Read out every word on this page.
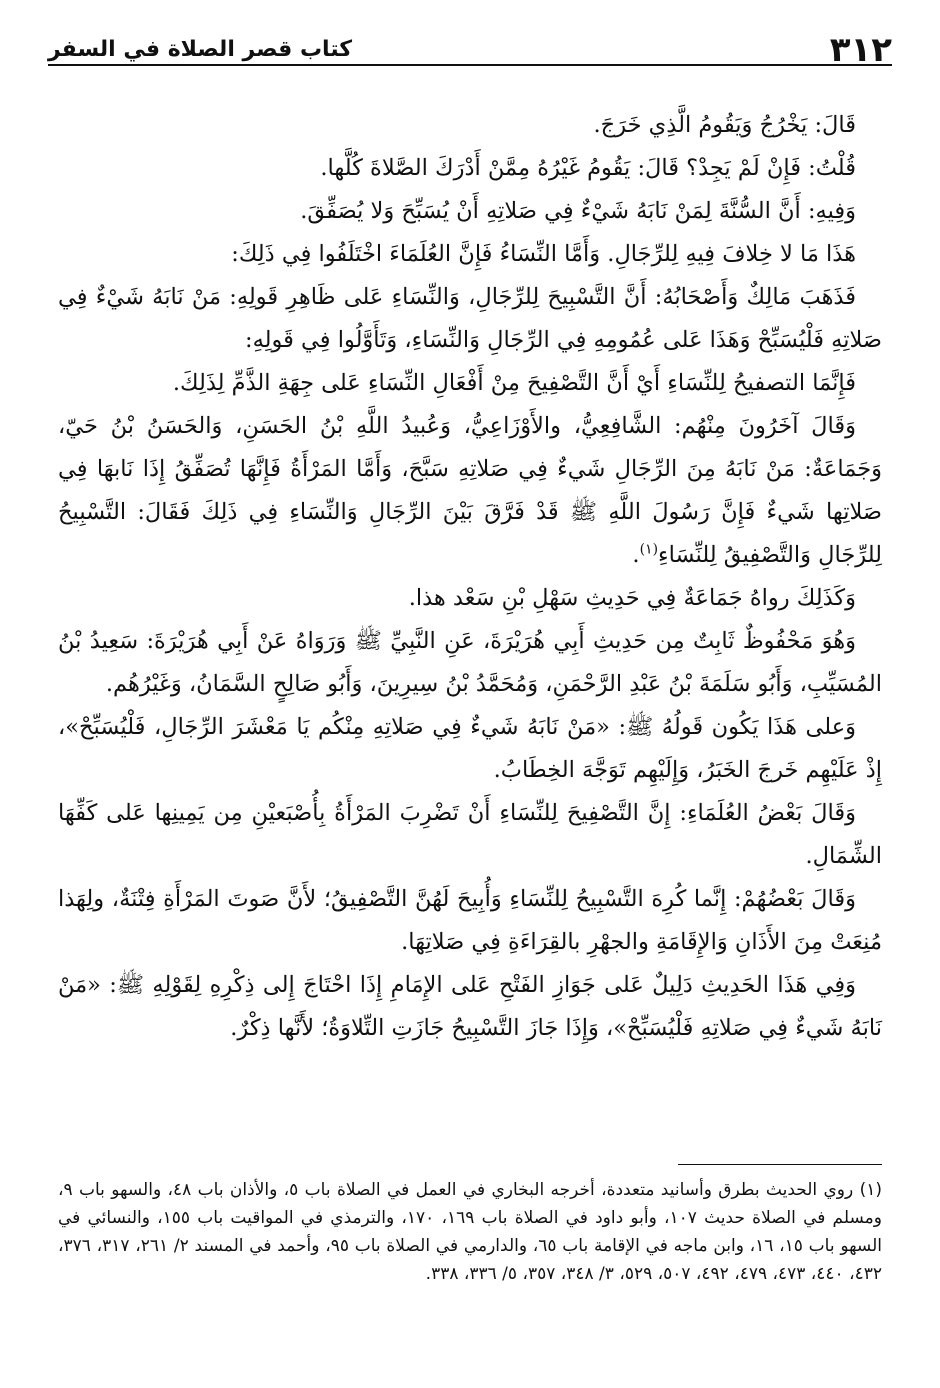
٣١٢
كتاب قصر الصلاة في السفر

قَالَ: يَخْرُجُ وَيَقُومُ الَّذِي خَرَجَ.

قُلْتُ: فَإِنْ لَمْ يَجِدْ؟ قَالَ: يَقُومُ غَيْرُهُ مِمَّنْ أَدْرَكَ الصَّلاةَ كُلَّها.

وَفِيهِ: أَنَّ السُّنَّةَ لِمَنْ نَابَهُ شَيْءٌ فِي صَلاتِهِ أَنْ يُسَبِّحَ وَلا يُصَفِّقَ.

هَذَا مَا لا خِلافَ فِيهِ لِلرِّجَالِ. وَأَمَّا النِّسَاءُ فَإِنَّ العُلَمَاءَ اخْتَلَفُوا فِي ذَلِكَ:

فَذَهَبَ مَالِكٌ وَأَصْحَابُهُ: أَنَّ التَّسْبِيحَ لِلرِّجَالِ، وَالنِّسَاءِ عَلى ظَاهِرِ قَولِهِ: مَنْ نَابَهُ شَيْءٌ فِي صَلاتِهِ فَلْيُسَبِّحْ وَهَذَا عَلى عُمُومِهِ فِي الرِّجَالِ وَالنِّسَاءِ، وَتَأَوَّلُوا فِي قَولِهِ:

فَإِنَّمَا التصفيحُ لِلنِّسَاءِ أَيْ أَنَّ التَّصْفِيحَ مِنْ أَفْعَالِ النِّسَاءِ عَلى جِهَةِ الذَّمِّ لِذَلِكَ.

وَقَالَ آخَرُونَ مِنْهُم: الشَّافِعِيُّ، والأَوْزَاعِيُّ، وَعُبيدُ اللَّهِ بْنُ الحَسَنِ، وَالحَسَنُ بْنُ حَيّ، وَجَمَاعَةٌ: مَنْ نَابَهُ مِنَ الرِّجَالِ شَيءٌ فِي صَلاتِهِ سَبَّحَ، وَأَمَّا المَرْأَةُ فَإِنَّهَا تُصَفِّقُ إِذَا نَابهَا فِي صَلاتِها شَيءٌ فَإِنَّ رَسُولَ اللَّهِ ﷺ قَدْ فَرَّقَ بَيْنَ الرِّجَالِ وَالنِّسَاءِ فِي ذَلِكَ فَقَالَ: التَّسْبِيحُ لِلرِّجَالِ وَالتَّصْفِيقُ لِلنِّسَاءِ$^{(١)}$.

وَكَذَلِكَ رواهُ جَمَاعَةٌ فِي حَدِيثِ سَهْلِ بْنِ سَعْد هذا.

وَهُوَ مَحْفُوظٌ ثَابِتٌ مِن حَدِيثِ أَبِي هُرَيْرَةَ، عَنِ النَّبِيِّ ﷺ وَرَوَاهُ عَنْ أَبِي هُرَيْرَةَ: سَعِيدُ بْنُ المُسَيِّبِ، وَأَبُو سَلَمَةَ بْنُ عَبْدِ الرَّحْمَنِ، وَمُحَمَّدُ بْنُ سِيرِينَ، وَأَبُو صَالِحٍ السَّمَانُ، وَغَيْرُهُم.

وَعلى هَذَا يَكُون قَولُهُ ﷺ: «مَنْ نَابَهُ شَيءٌ فِي صَلاتِهِ مِنْكُم يَا مَعْشَرَ الرِّجَالِ، فَلْيُسَبِّحْ»، إِذْ عَلَيْهِم خَرجَ الخَبَرُ، وَإِلَيْهِم تَوَجَّهَ الخِطَابُ.

وَقَالَ بَعْضُ العُلَمَاءِ: إِنَّ التَّصْفِيحَ لِلنِّسَاءِ أَنْ تَضْرِبَ المَرْأَةُ بِأُصْبَعيْنِ مِن يَمِينِها عَلى كَفِّهَا الشِّمَالِ.

وَقَالَ بَعْضُهُمْ: إِنَّما كُرِهَ التَّسْبِيحُ لِلنِّسَاءِ وَأُبِيحَ لَهُنَّ التَّصْفِيقُ؛ لأَنَّ صَوتَ المَرْأَةِ فِتْنَةٌ، ولِهَذا مُنِعَتْ مِنَ الأَذَانِ وَالإِقَامَةِ والجهْرِ بالقِرَاءَةِ فِي صَلاتِهَا.

وَفِي هَذَا الحَدِيثِ دَلِيلٌ عَلى جَوَازِ الفَتْحِ عَلى الإِمَامِ إِذَا احْتَاجَ إِلى ذِكْرِهِ لِقَوْلِهِ ﷺ: «مَنْ نَابَهُ شَيءٌ فِي صَلاتِهِ فَلْيُسَبِّحْ»، وَإِذَا جَازَ التَّسْبِيحُ جَازَتِ التِّلاوَةُ؛ لأَنَّها ذِكْرٌ.

(١) روي الحديث بطرق وأسانيد متعددة، أخرجه البخاري في العمل في الصلاة باب ٥، والأذان باب ٤٨، والسهو باب ٩، ومسلم في الصلاة حديث ١٠٧، وأبو داود في الصلاة باب ١٦٩، ١٧٠، والترمذي في المواقيت باب ١٥٥، والنسائي في السهو باب ١٥، ١٦، وابن ماجه في الإقامة باب ٦٥، والدارمي في الصلاة باب ٩٥، وأحمد في المسند ٢/ ٢٦١، ٣١٧، ٣٧٦، ٤٣٢، ٤٤٠، ٤٧٣، ٤٧٩، ٤٩٢، ٥٠٧، ٥٢٩، ٣/ ٣٤٨، ٣٥٧، ٥/ ٣٣٦، ٣٣٨.
